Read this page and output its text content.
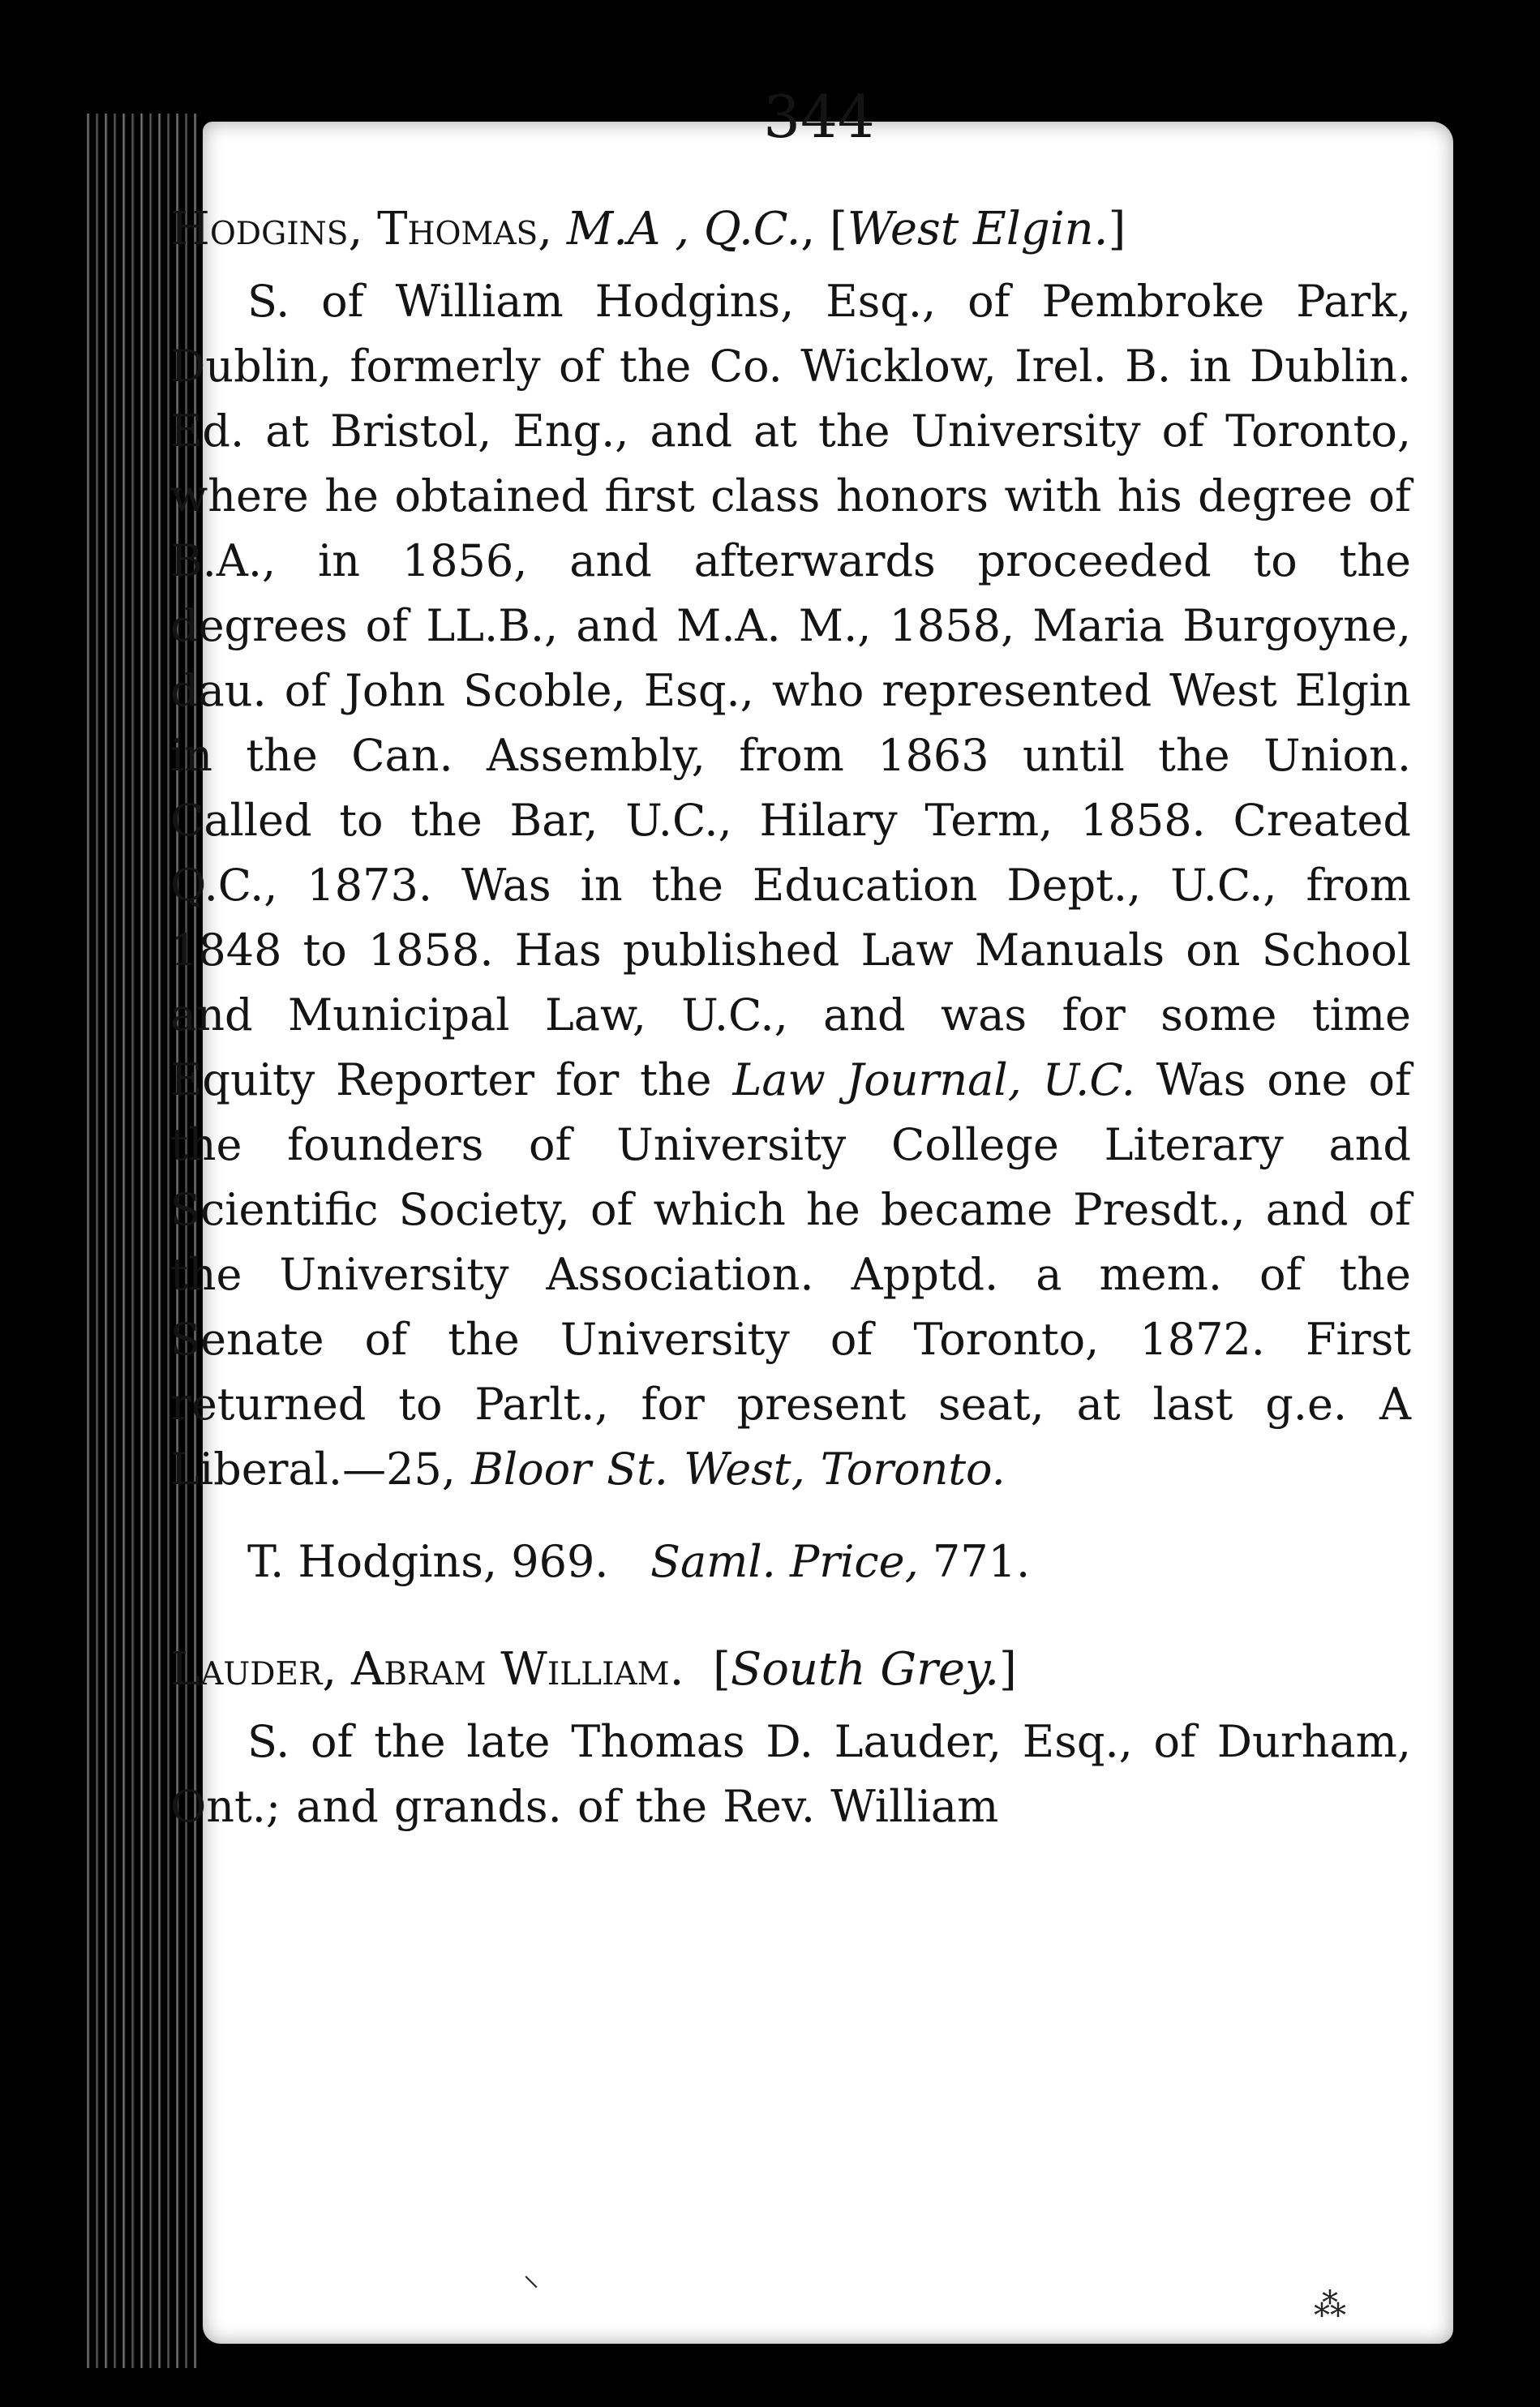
344
Hodgins, Thomas, M.A , Q.C., [West Elgin.]

S. of William Hodgins, Esq., of Pembroke Park, Dublin, formerly of the Co. Wicklow, Irel. B. in Dublin. Ed. at Bristol, Eng., and at the University of Toronto, where he obtained first class honors with his degree of B.A., in 1856, and afterwards proceeded to the degrees of LL.B., and M.A. M., 1858, Maria Burgoyne, dau. of John Scoble, Esq., who represented West Elgin in the Can. Assembly, from 1863 until the Union. Called to the Bar, U.C., Hilary Term, 1858. Created Q.C., 1873. Was in the Education Dept., U.C., from 1848 to 1858. Has published Law Manuals on School and Municipal Law, U.C., and was for some time Equity Reporter for the Law Journal, U.C. Was one of the founders of University College Literary and Scientific Society, of which he became Presdt., and of the University Association. Apptd. a mem. of the Senate of the University of Toronto, 1872. First returned to Parlt., for present seat, at last g.e. A Liberal.—25, Bloor St. West, Toronto.

T. Hodgins, 969. Saml. Price, 771.
Lauder, Abram William.  [South Grey.]

S. of the late Thomas D. Lauder, Esq., of Durham, Ont.; and grands. of the Rev. William

⸜
⁂
